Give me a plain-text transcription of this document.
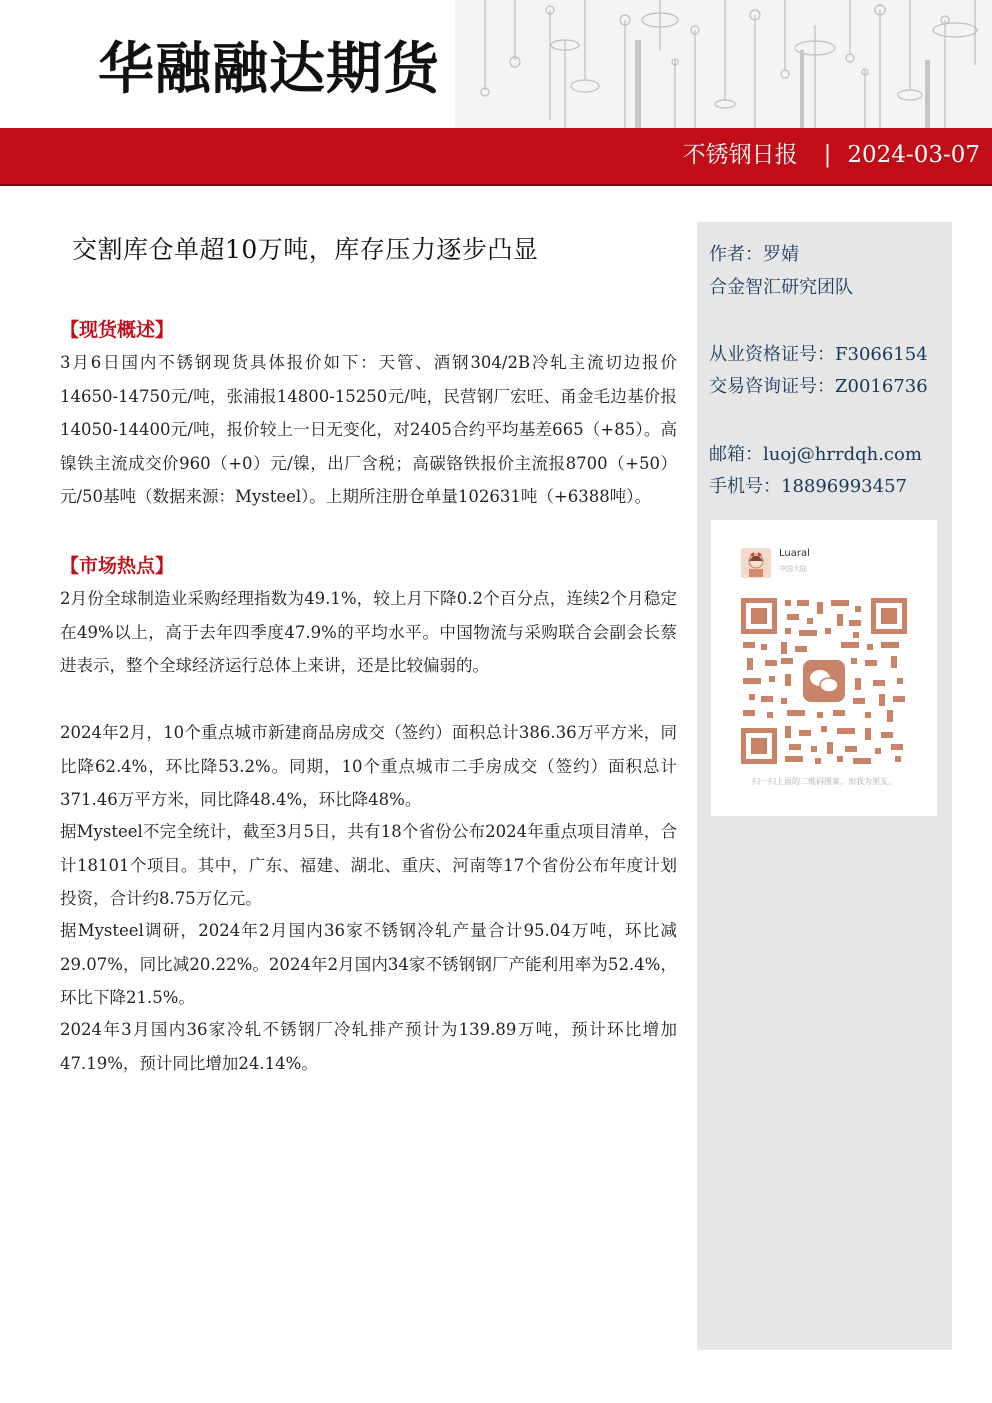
华融融达期货
不锈钢日报 | 2024-03-07
作者：罗婧
合金智汇研究团队
从业资格证号：F3066154
交易咨询证号：Z0016736
邮箱：luoj@hrrdqh.com
手机号：18896993457
Luaral
中国大陆
扫一扫上面的二维码图案，加我为朋友。
交割库仓单超10万吨，库存压力逐步凸显
【现货概述】
3月6日国内不锈钢现货具体报价如下：天管、酒钢304/2B冷轧主流切边报价14650-14750元/吨，张浦报14800-15250元/吨，民营钢厂宏旺、甬金毛边基价报14050-14400元/吨，报价较上一日无变化，对2405合约平均基差665（+85）。高镍铁主流成交价960（+0）元/镍，出厂含税；高碳铬铁报价主流报8700（+50）元/50基吨（数据来源：Mysteel）。上期所注册仓单量102631吨（+6388吨）。
【市场热点】
2月份全球制造业采购经理指数为49.1%，较上月下降0.2个百分点，连续2个月稳定在49%以上，高于去年四季度47.9%的平均水平。中国物流与采购联合会副会长蔡进表示，整个全球经济运行总体上来讲，还是比较偏弱的。
2024年2月，10个重点城市新建商品房成交（签约）面积总计386.36万平方米，同比降62.4%，环比降53.2%。同期，10个重点城市二手房成交（签约）面积总计371.46万平方米，同比降48.4%，环比降48%。
据Mysteel不完全统计，截至3月5日，共有18个省份公布2024年重点项目清单，合计18101个项目。其中，广东、福建、湖北、重庆、河南等17个省份公布年度计划投资，合计约8.75万亿元。
据Mysteel调研，2024年2月国内36家不锈钢冷轧产量合计95.04万吨，环比减29.07%，同比减20.22%。2024年2月国内34家不锈钢钢厂产能利用率为52.4%，环比下降21.5%。
2024年3月国内36家冷轧不锈钢厂冷轧排产预计为139.89万吨，预计环比增加47.19%，预计同比增加24.14%。
